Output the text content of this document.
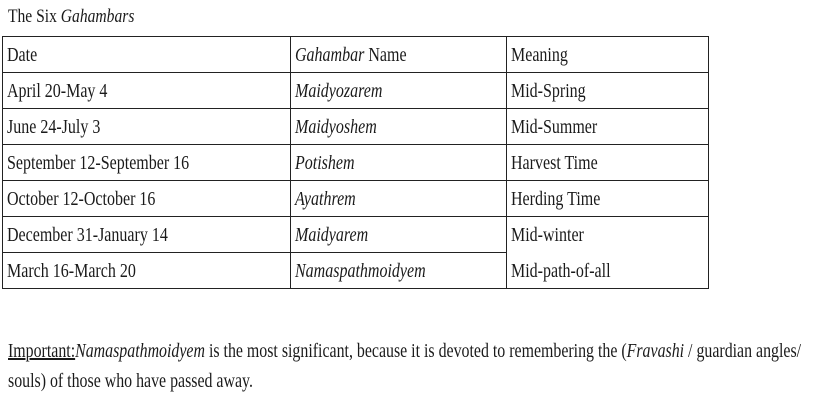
The Six Gahambars
Date	Gahambar Name	Meaning
April 20-May 4	Maidyozarem	Mid-Spring
June 24-July 3	Maidyoshem	Mid-Summer
September 12-September 16	Potishem	Harvest Time
October 12-October 16	Ayathrem	Herding Time
December 31-January 14	Maidyarem	Mid-winter
March 16-March 20	Namaspathmoidyem	Mid-path-of-all
Important:Namaspathmoidyem is the most significant, because it is devoted to remembering the (Fravashi / guardian angles/ souls) of those who have passed away.
